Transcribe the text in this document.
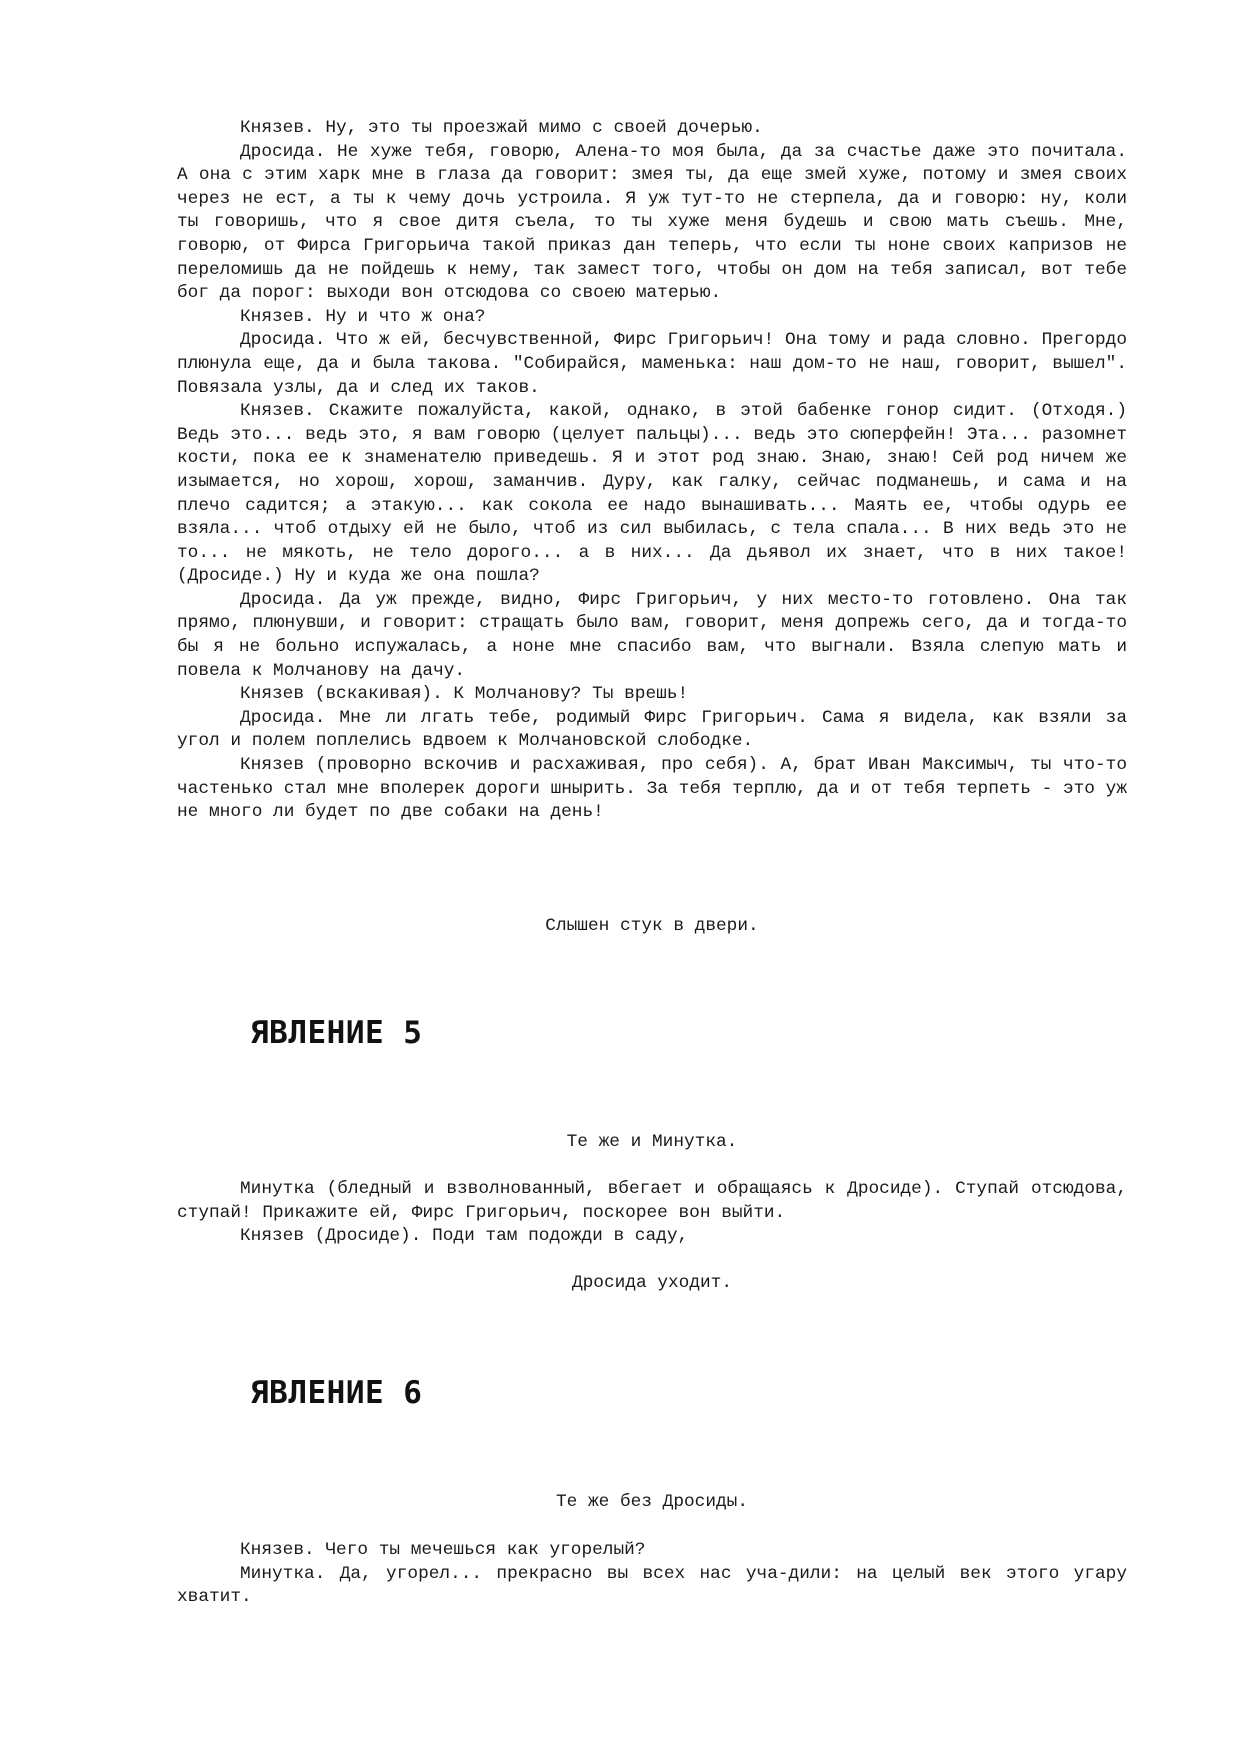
Князев. Ну, это ты проезжай мимо с своей дочерью.

Дросида. Не хуже тебя, говорю, Алена-то моя была, да за счастье даже это почитала. А она с этим харк мне в глаза да говорит: змея ты, да еще змей хуже, потому и змея своих через не ест, а ты к чему дочь устроила. Я уж тут-то не стерпела, да и говорю: ну, коли ты говоришь, что я свое дитя съела, то ты хуже меня будешь и свою мать съешь. Мне, говорю, от Фирса Григорьича такой приказ дан теперь, что если ты ноне своих капризов не переломишь да не пойдешь к нему, так замест того, чтобы он дом на тебя записал, вот тебе бог да порог: выходи вон отсюдова со своею матерью.

Князев. Ну и что ж она?

Дросида. Что ж ей, бесчувственной, Фирс Григорьич! Она тому и рада словно. Прегордо плюнула еще, да и была такова. "Собирайся, маменька: наш дом-то не наш, говорит, вышел". Повязала узлы, да и след их таков.

Князев. Скажите пожалуйста, какой, однако, в этой бабенке гонор сидит. (Отходя.) Ведь это... ведь это, я вам говорю (целует пальцы)... ведь это сюперфейн! Эта... разомнет кости, пока ее к знаменателю приведешь. Я и этот род знаю. Знаю, знаю! Сей род ничем же изымается, но хорош, хорош, заманчив. Дуру, как галку, сейчас подманешь, и сама и на плечо садится; а этакую... как сокола ее надо вынашивать... Маять ее, чтобы одурь ее взяла... чтоб отдыху ей не было, чтоб из сил выбилась, с тела спала... В них ведь это не то... не мякоть, не тело дорого... а в них... Да дьявол их знает, что в них такое! (Дросиде.) Ну и куда же она пошла?

Дросида. Да уж прежде, видно, Фирс Григорьич, у них место-то готовлено. Она так прямо, плюнувши, и говорит: стращать было вам, говорит, меня допрежь сего, да и тогда-то бы я не больно испужалась, а ноне мне спасибо вам, что выгнали. Взяла слепую мать и повела к Молчанову на дачу.

Князев (вскакивая). К Молчанову? Ты врешь!

Дросида. Мне ли лгать тебе, родимый Фирс Григорьич. Сама я видела, как взяли за угол и полем поплелись вдвоем к Молчановской слободке.

Князев (проворно вскочив и расхаживая, про себя). А, брат Иван Максимыч, ты что-то частенько стал мне вполерек дороги шнырить. За тебя терплю, да и от тебя терпеть - это уж не много ли будет по две собаки на день!

Слышен стук в двери.

ЯВЛЕНИЕ 5

Те же и Минутка.

Минутка (бледный и взволнованный, вбегает и обращаясь к Дросиде). Ступай отсюдова, ступай! Прикажите ей, Фирс Григорьич, поскорее вон выйти.

Князев (Дросиде). Поди там подожди в саду,

Дросида уходит.

ЯВЛЕНИЕ 6

Те же без Дросиды.

Князев. Чего ты мечешься как угорелый?

Минутка. Да, угорел... прекрасно вы всех нас уча-дили: на целый век этого угару хватит.
